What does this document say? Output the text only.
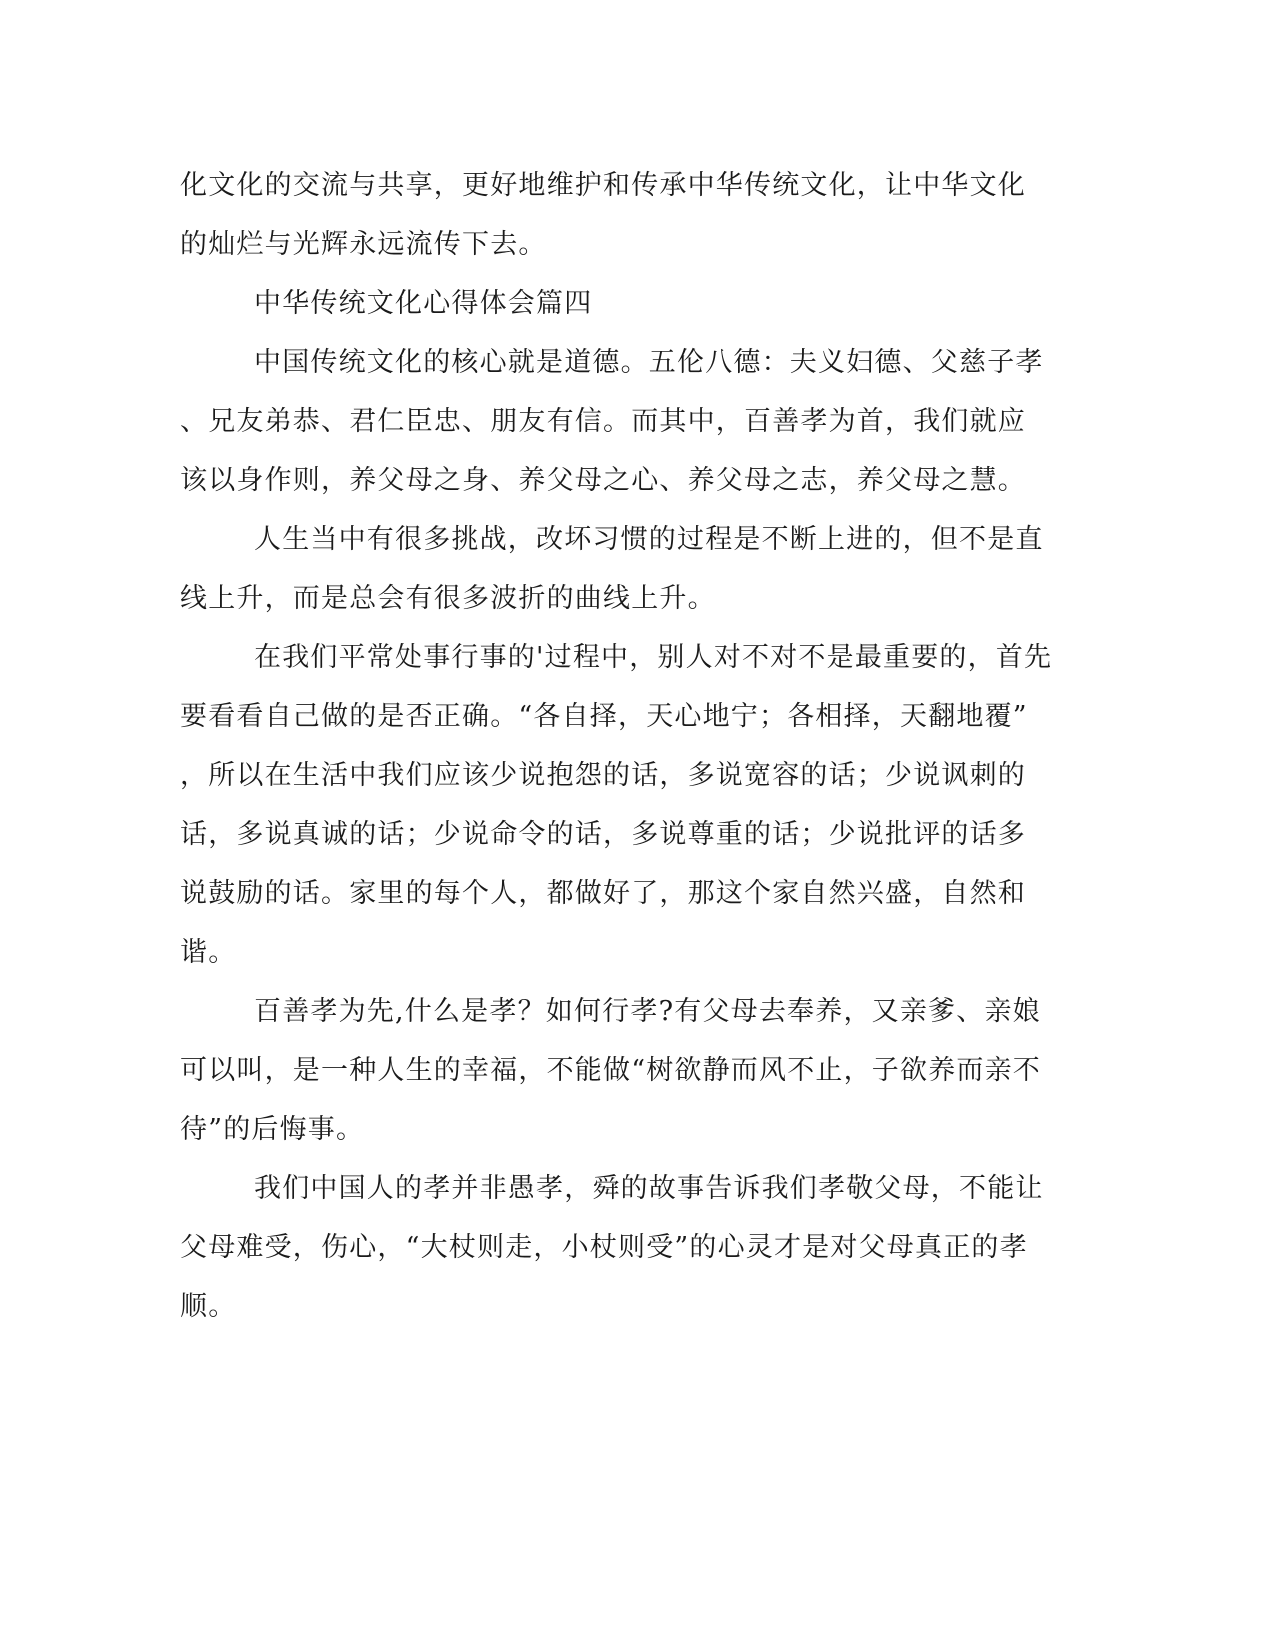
化文化的交流与共享，更好地维护和传承中华传统文化，让中华文化
的灿烂与光辉永远流传下去。
中华传统文化心得体会篇四
中国传统文化的核心就是道德。五伦八德：夫义妇德、父慈子孝
、兄友弟恭、君仁臣忠、朋友有信。而其中，百善孝为首，我们就应
该以身作则，养父母之身、养父母之心、养父母之志，养父母之慧。
人生当中有很多挑战，改坏习惯的过程是不断上进的，但不是直
线上升，而是总会有很多波折的曲线上升。
在我们平常处事行事的'过程中，别人对不对不是最重要的，首先
要看看自己做的是否正确。“各自择，天心地宁；各相择，天翻地覆”
，所以在生活中我们应该少说抱怨的话，多说宽容的话；少说讽刺的
话，多说真诚的话；少说命令的话，多说尊重的话；少说批评的话多
说鼓励的话。家里的每个人，都做好了，那这个家自然兴盛，自然和
谐。
百善孝为先,什么是孝？如何行孝?有父母去奉养，又亲爹、亲娘
可以叫，是一种人生的幸福，不能做“树欲静而风不止，子欲养而亲不
待”的后悔事。
我们中国人的孝并非愚孝，舜的故事告诉我们孝敬父母，不能让
父母难受，伤心，“大杖则走，小杖则受”的心灵才是对父母真正的孝
顺。
